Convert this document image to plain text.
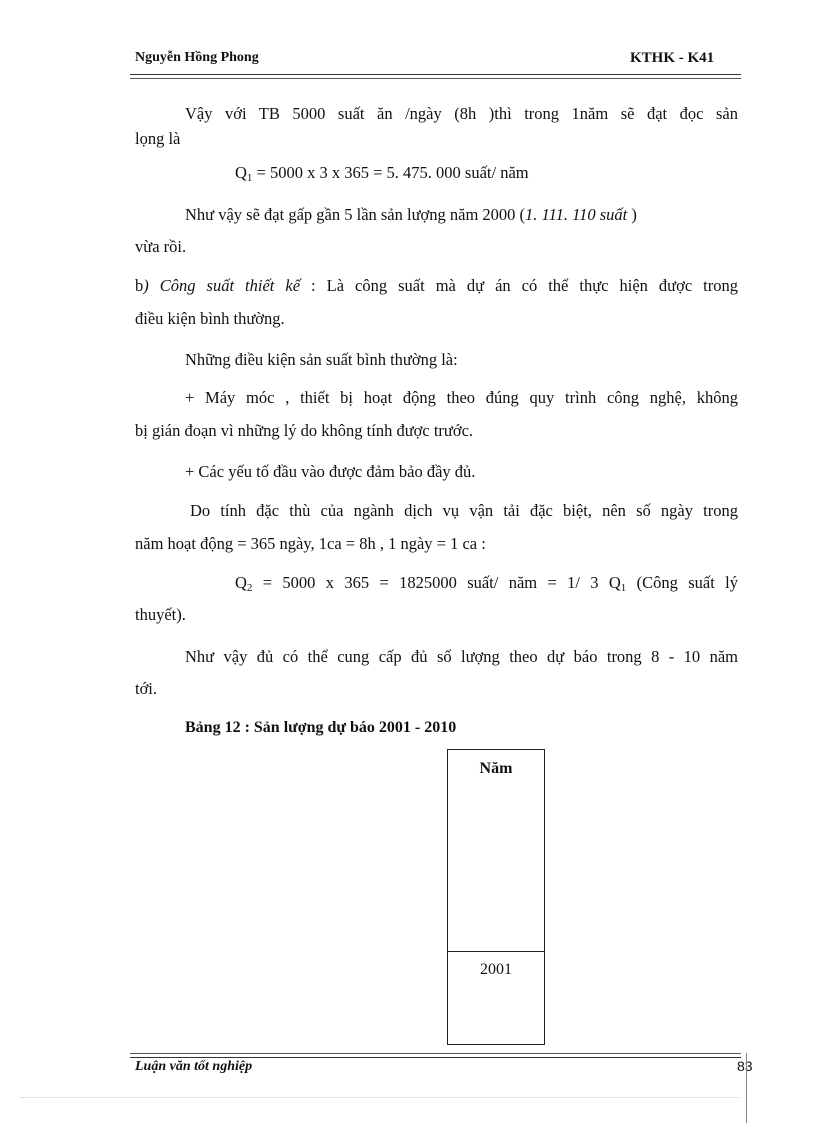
Nguyễn Hồng Phong	KTHK - K41
Vậy với TB 5000 suất ăn /ngày (8h )thì trong 1năm sẽ đạt đọc sản
lọng là
$Q_1 = 5000$ x 3 x 365 = 5. 475. 000 suất/ năm
Như vậy sẽ đạt gấp gần 5 lần sản lượng năm 2000 (1. 111. 110 suất )
vừa rồi.
b) Công suất thiết kế : Là công suất mà dự án có thể thực hiện được trong
điều kiện bình thường.
Những điều kiện sản suất bình thường là:
+ Máy móc , thiết bị hoạt động theo đúng quy trình công nghệ, không
bị gián đoạn vì những lý do không tính được trước.
+ Các yếu tố đầu vào được đảm bảo đầy đủ.
Do tính đặc thù của ngành dịch vụ vận tải đặc biệt, nên số ngày trong
năm hoạt động = 365 ngày, 1ca = 8h , 1 ngày = 1 ca :
$Q_2 = 5000$ x 365 = 1825000 suất/ năm = 1/ 3 $Q_1$ (Công suất lý
thuyết).
Như vậy đủ có thể cung cấp đủ số lượng theo dự báo trong 8 - 10 năm
tới.
Bảng 12 : Sản lượng dự báo 2001 - 2010
Năm
2001
Luận văn tốt nghiệp	83
